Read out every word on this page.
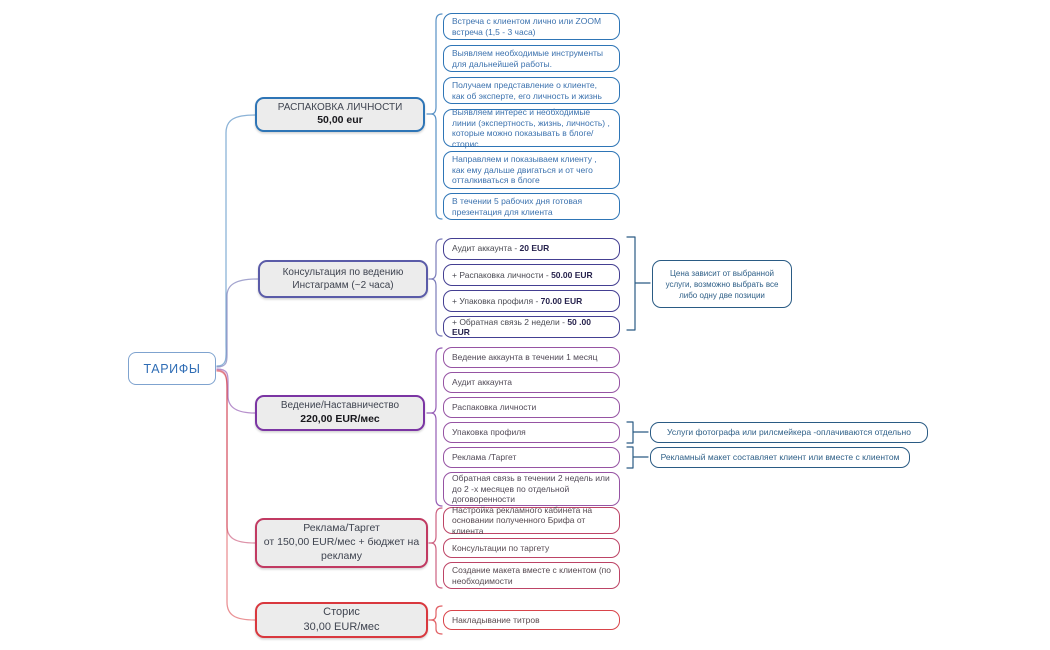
ТАРИФЫ
РАСПАКОВКА ЛИЧНОСТИ
50,00 eur
Встреча с клиентом лично или ZOOM встреча (1,5 - 3 часа)
Выявляем необходимые инструменты для дальнейшей работы.
Получаем представление о клиенте, как об эксперте, его личность и жизнь
Выявляем интерес и необходимые линии (экспертность, жизнь, личность) , которые можно показывать в блоге/сторис
Направляем и показываем клиенту , как ему дальше двигаться и от чего отталкиваться в блоге
В течении 5 рабочих дня готовая презентация для клиента
Консультация по ведению Инстаграмм (~2 часа)
Аудит аккаунта - 20 EUR
+ Распаковка личности - 50.00 EUR
+ Упаковка профиля - 70.00 EUR
+ Обратная связь 2 недели - 50 .00 EUR
Цена зависит от выбранной услуги, возможно выбрать все либо одну две позиции
Ведение/Наставничество
220,00 EUR/мес
Ведение аккаунта в течении 1 месяц
Аудит аккаунта
Распаковка личности
Упаковка профиля
Реклама /Таргет
Обратная связь в течении 2 недель или до 2 -х месяцев по отдельной договоренности
Услуги фотографа или рилсмейкера -оплачиваются отдельно
Рекламный макет составляет клиент или вместе с клиентом
Реклама/Таргет
от 150,00 EUR/мес + бюджет на рекламу
Настройка рекламного кабинета на основании полученного Брифа от клиента
Консультации по таргету
Создание макета вместе с клиентом (по необходимости
Сторис
30,00 EUR/мес
Накладывание титров
